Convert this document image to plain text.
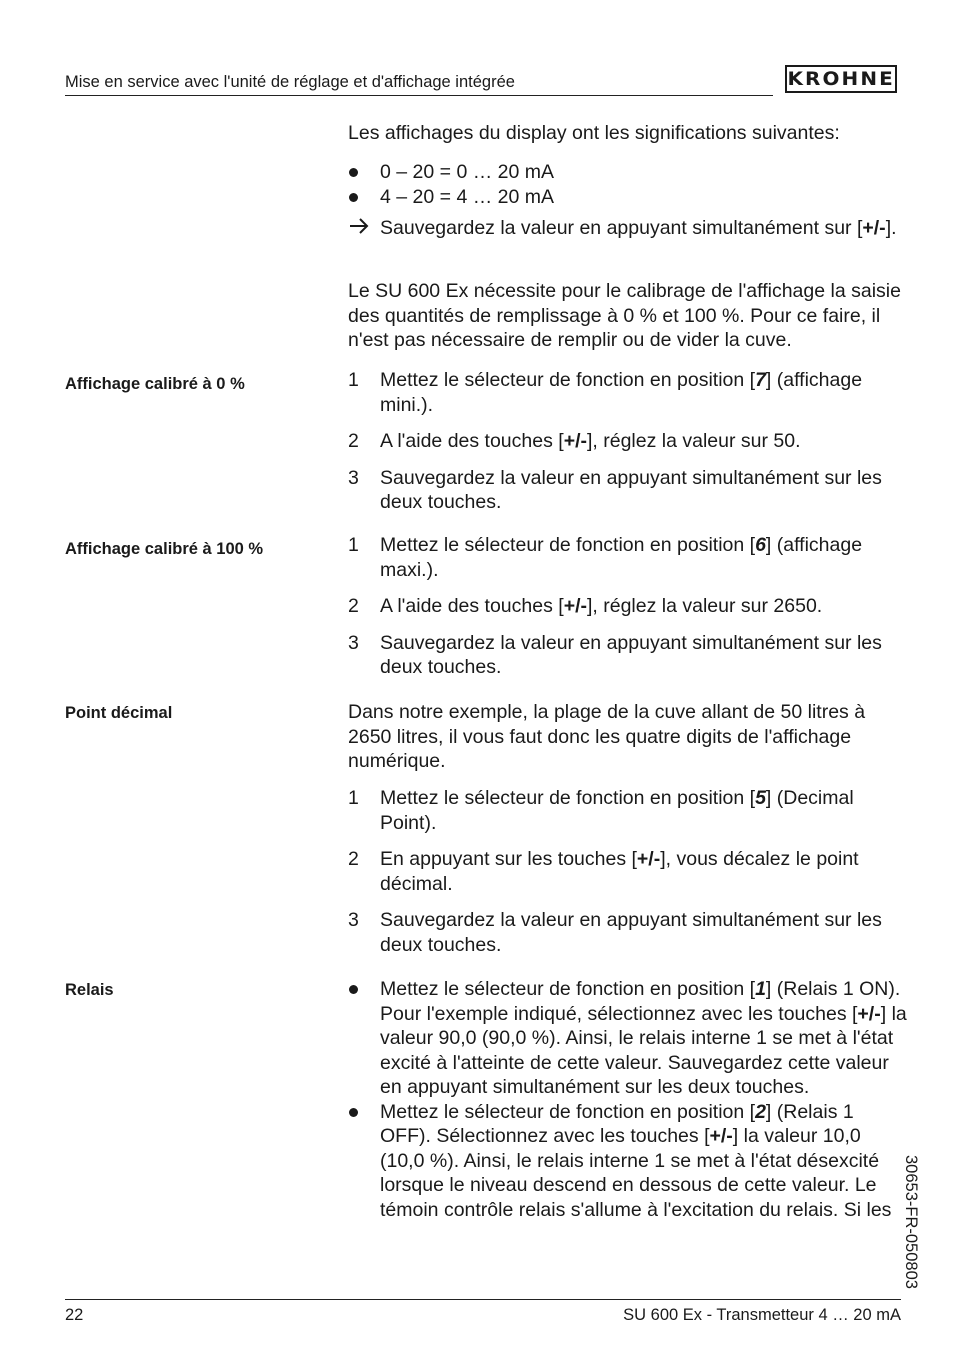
Mise en service avec l'unité de réglage et d'affichage intégrée	KROHNE

Les affichages du display ont les significations suivantes:

0 – 20 = 0 … 20 mA
4 – 20 = 4 … 20 mA
Sauvegardez la valeur en appuyant simultanément sur [+/-].

Le SU 600 Ex nécessite pour le calibrage de l'affichage la saisie des quantités de remplissage à 0 % et 100 %. Pour ce faire, il n'est pas nécessaire de remplir ou de vider la cuve.

Affichage calibré à 0 %	1 Mettez le sélecteur de fonction en position [7] (affichage mini.).
2 A l'aide des touches [+/-], réglez la valeur sur 50.
3 Sauvegardez la valeur en appuyant simultanément sur les deux touches.
Affichage calibré à 100 %	1 Mettez le sélecteur de fonction en position [6] (affichage maxi.).
2 A l'aide des touches [+/-], réglez la valeur sur 2650.
3 Sauvegardez la valeur en appuyant simultanément sur les deux touches.
Point décimal	Dans notre exemple, la plage de la cuve allant de 50 litres à 2650 litres, il vous faut donc les quatre digits de l'affichage numérique.

1 Mettez le sélecteur de fonction en position [5] (Decimal Point).
2 En appuyant sur les touches [+/-], vous décalez le point décimal.
3 Sauvegardez la valeur en appuyant simultanément sur les deux touches.
Relais	Mettez le sélecteur de fonction en position [1] (Relais 1 ON). Pour l'exemple indiqué, sélectionnez avec les touches [+/-] la valeur 90,0 (90,0 %). Ainsi, le relais interne 1 se met à l'état excité à l'atteinte de cette valeur. Sauvegardez cette valeur en appuyant simultanément sur les deux touches.
Mettez le sélecteur de fonction en position [2] (Relais 1 OFF). Sélectionnez avec les touches [+/-] la valeur 10,0 (10,0 %). Ainsi, le relais interne 1 se met à l'état désexcité lorsque le niveau descend en dessous de cette valeur. Le témoin contrôle relais s'allume à l'excitation du relais. Si les 30653-FR-050803
22	SU 600 Ex - Transmetteur 4 … 20 mA
